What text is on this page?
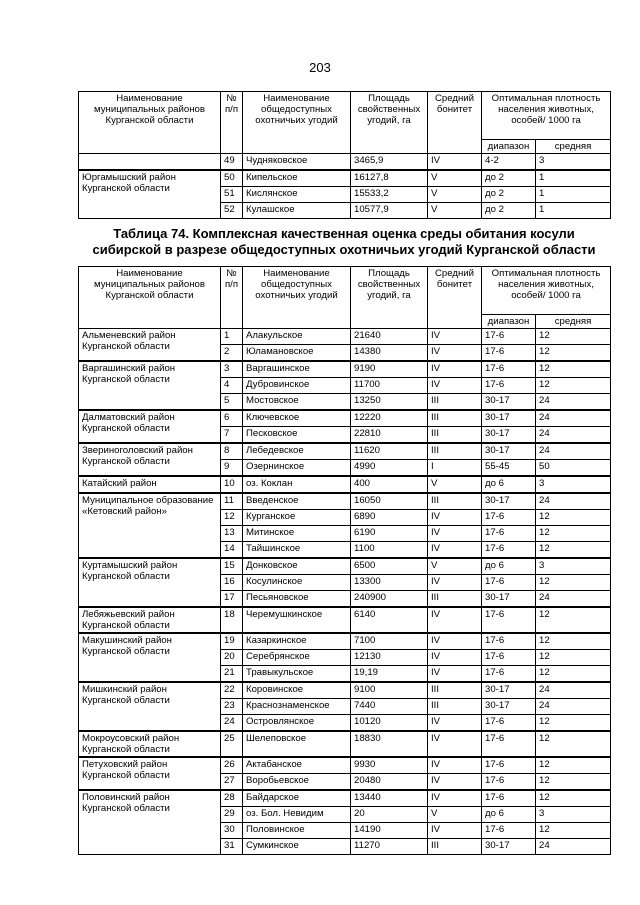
203
Наименование муниципальных районов Курганской области	№ п/п	Наименование общедоступных охотничьих угодий	Площадь свойственных угодий, га	Средний бонитет	Оптимальная плотность населения животных, особей/ 1000 га	
					диапазон	средняя
	49	Чудняковское	3465,9	IV	4-2	3
Юргамышский район Курганской области	50	Кипельское	16127,8	V	до 2	1
	51	Кислянское	15533,2	V	до 2	1
	52	Кулашское	10577,9	V	до 2	1
Таблица 74. Комплексная качественная оценка среды обитания косули сибирской в разрезе общедоступных охотничьих угодий Курганской области
Наименование муниципальных районов Курганской области	№ п/п	Наименование общедоступных охотничьих угодий	Площадь свойственных угодий, га	Средний бонитет	Оптимальная плотность населения животных, особей/ 1000 га	
					диапазон	средняя
Альменевский район Курганской области	1	Алакульское	21640	IV	17-6	12
	2	Юламановское	14380	IV	17-6	12
Варгашинский район Курганской области	3	Варгашинское	9190	IV	17-6	12
	4	Дубровинское	11700	IV	17-6	12
	5	Мостовское	13250	III	30-17	24
Далматовский район Курганской области	6	Ключевское	12220	III	30-17	24
	7	Песковское	22810	III	30-17	24
Звериноголовский район Курганской области	8	Лебедевское	11620	III	30-17	24
	9	Озернинское	4990	I	55-45	50
Катайский район	10	оз. Коклан	400	V	до 6	3
Муниципальное образование «Кетовский район»	11	Введенское	16050	III	30-17	24
	12	Курганское	6890	IV	17-6	12
	13	Митинское	6190	IV	17-6	12
	14	Тайшинское	1100	IV	17-6	12
Куртамышский район Курганской области	15	Донковское	6500	V	до 6	3
	16	Косулинское	13300	IV	17-6	12
	17	Песьяновское	240900	III	30-17	24
Лебяжьевский район Курганской области	18	Черемушкинское	6140	IV	17-6	12
Макушинский район Курганской области	19	Казаркинское	7100	IV	17-6	12
	20	Серебрянское	12130	IV	17-6	12
	21	Травыкульское	19,19	IV	17-6	12
Мишкинский район Курганской области	22	Коровинское	9100	III	30-17	24
	23	Краснознаменское	7440	III	30-17	24
	24	Островлянское	10120	IV	17-6	12
Мокроусовский район Курганской области	25	Шелеповское	18830	IV	17-6	12
Петуховский район Курганской области	26	Актабанское	9930	IV	17-6	12
	27	Воробьевское	20480	IV	17-6	12
Половинский район Курганской области	28	Байдарское	13440	IV	17-6	12
	29	оз. Бол. Невидим	20	V	до 6	3
	30	Половинское	14190	IV	17-6	12
	31	Сумкинское	11270	III	30-17	24
